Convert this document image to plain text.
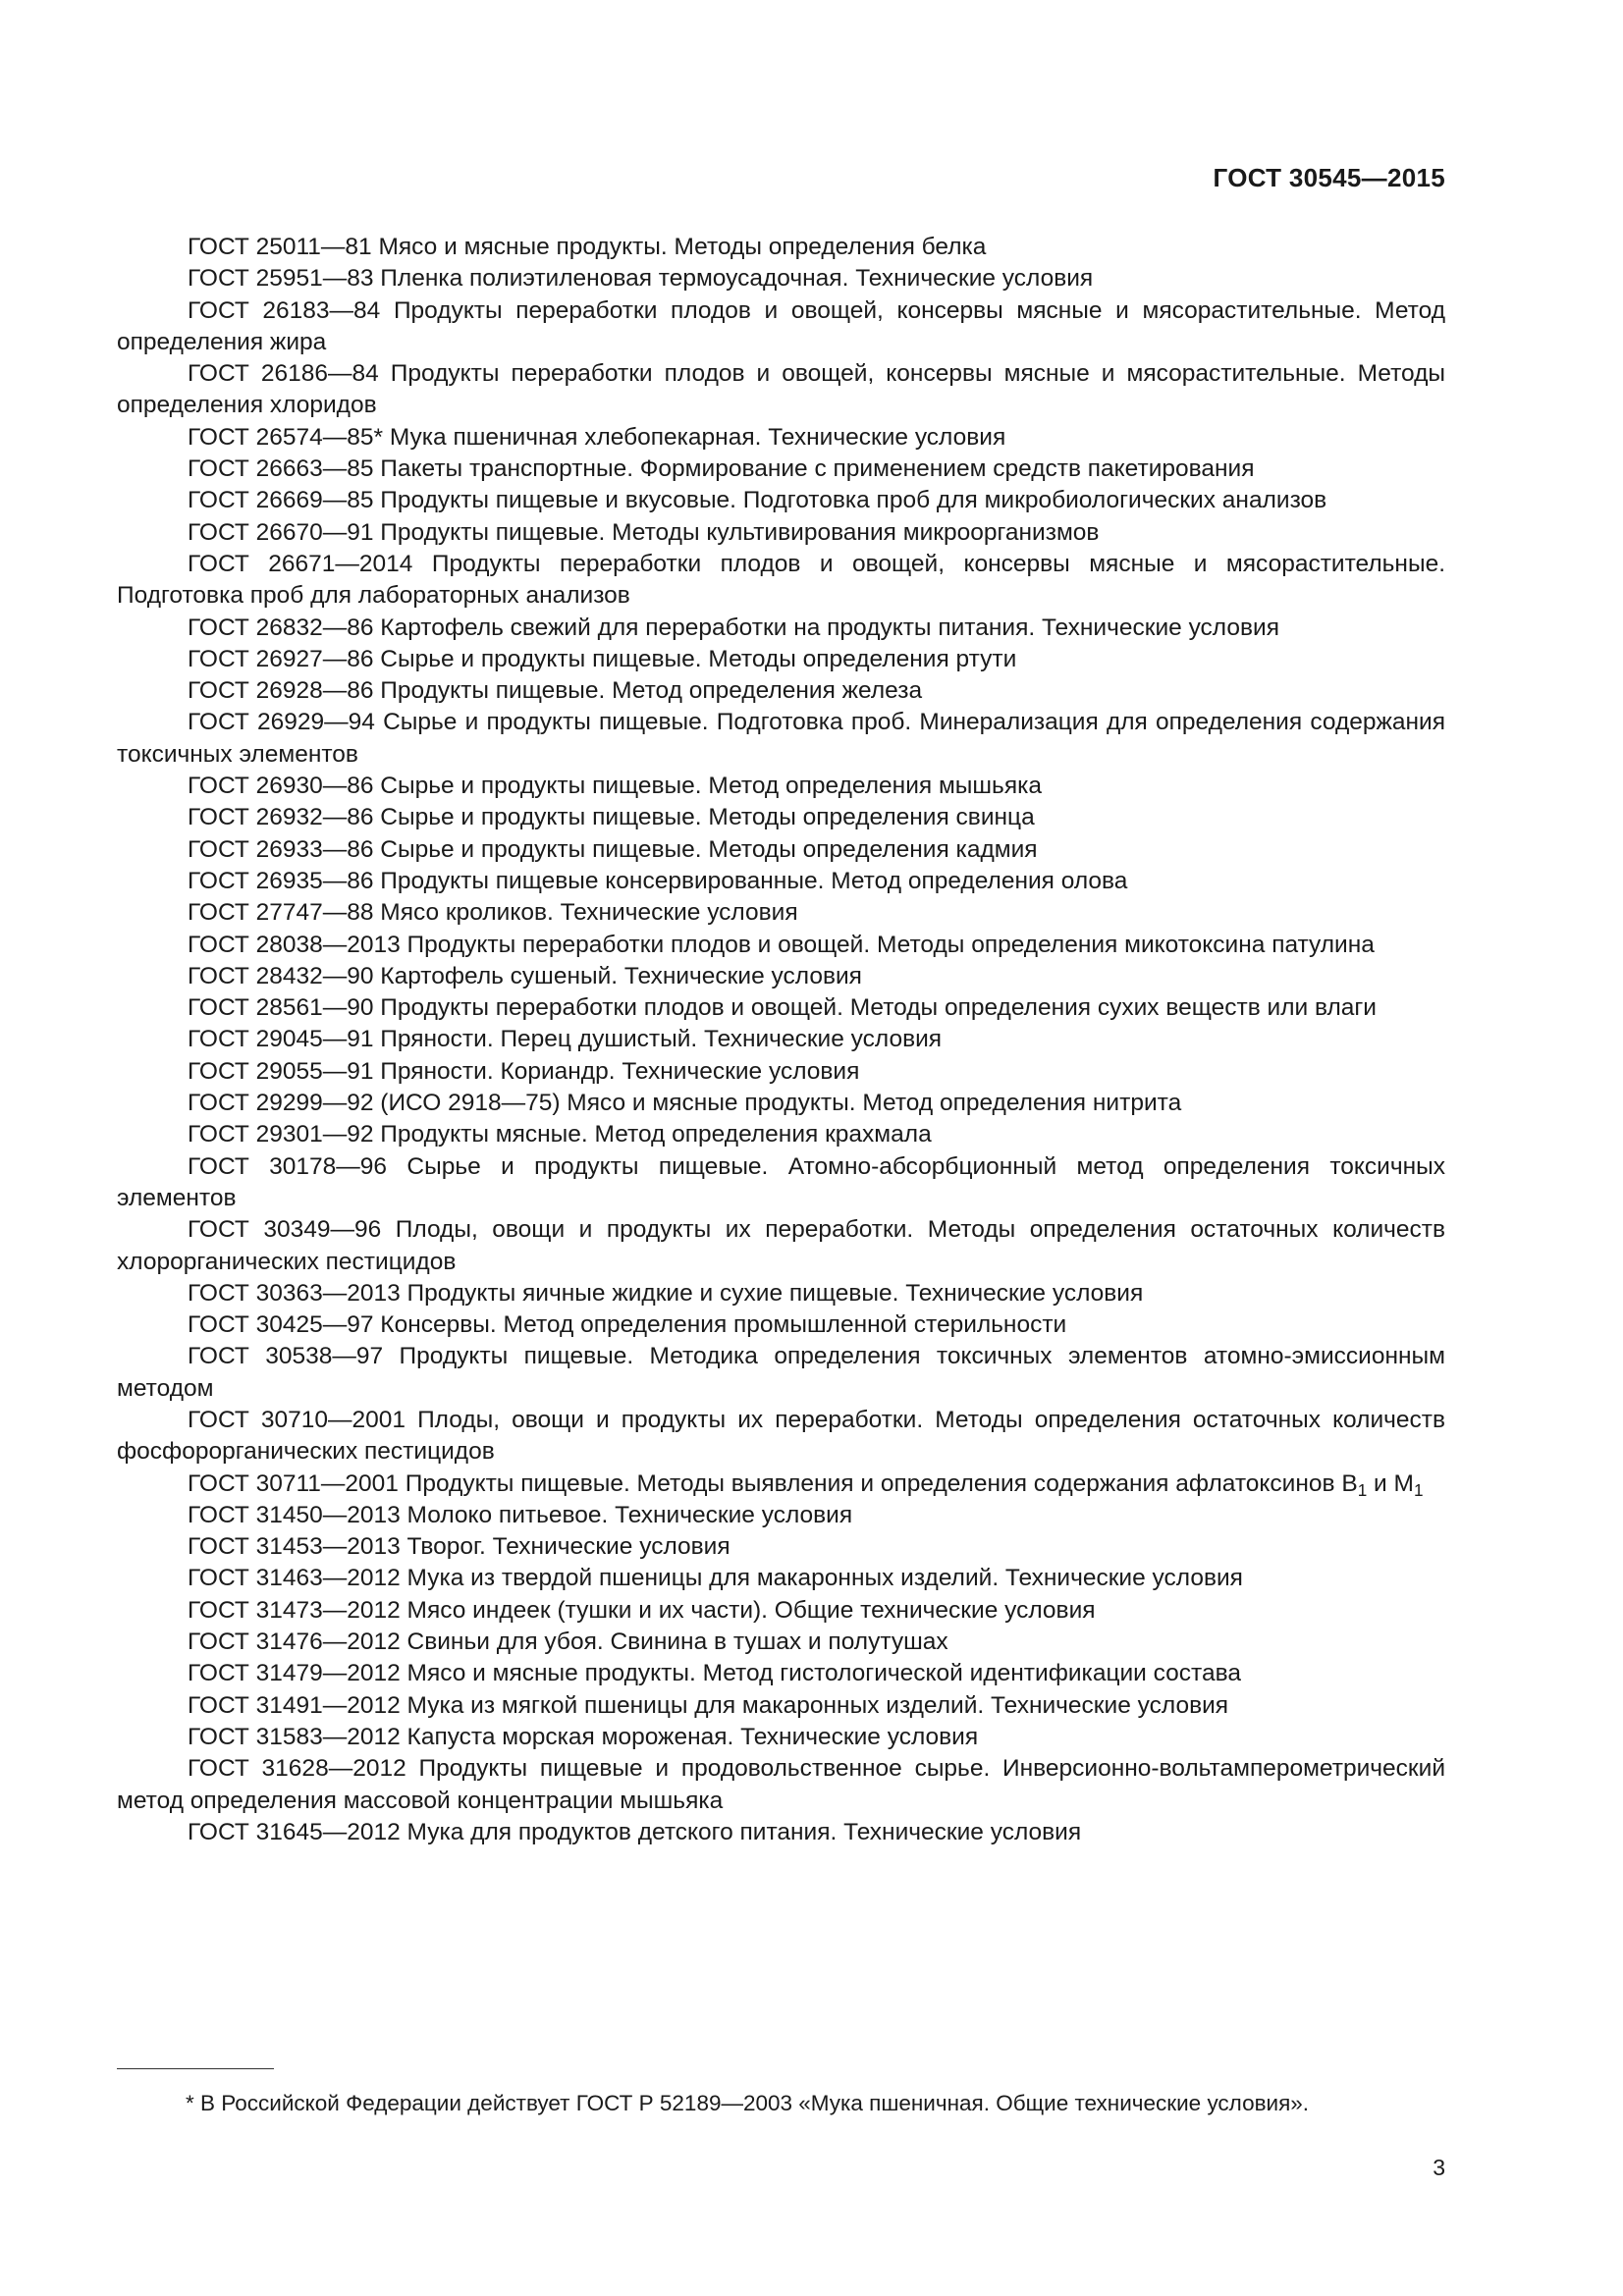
ГОСТ 30545—2015

ГОСТ 25011—81 Мясо и мясные продукты. Методы определения белка

ГОСТ 25951—83 Пленка полиэтиленовая термоусадочная. Технические условия

ГОСТ 26183—84 Продукты переработки плодов и овощей, консервы мясные и мясорастительные. Метод определения жира

ГОСТ 26186—84 Продукты переработки плодов и овощей, консервы мясные и мясорастительные. Методы определения хлоридов

ГОСТ 26574—85* Мука пшеничная хлебопекарная. Технические условия

ГОСТ 26663—85 Пакеты транспортные. Формирование с применением средств пакетирования

ГОСТ 26669—85 Продукты пищевые и вкусовые. Подготовка проб для микробиологических анализов

ГОСТ 26670—91 Продукты пищевые. Методы культивирования микроорганизмов

ГОСТ 26671—2014 Продукты переработки плодов и овощей, консервы мясные и мясорастительные. Подготовка проб для лабораторных анализов

ГОСТ 26832—86 Картофель свежий для переработки на продукты питания. Технические условия

ГОСТ 26927—86 Сырье и продукты пищевые. Методы определения ртути

ГОСТ 26928—86 Продукты пищевые. Метод определения железа

ГОСТ 26929—94 Сырье и продукты пищевые. Подготовка проб. Минерализация для определения содержания токсичных элементов

ГОСТ 26930—86 Сырье и продукты пищевые. Метод определения мышьяка

ГОСТ 26932—86 Сырье и продукты пищевые. Методы определения свинца

ГОСТ 26933—86 Сырье и продукты пищевые. Методы определения кадмия

ГОСТ 26935—86 Продукты пищевые консервированные. Метод определения олова

ГОСТ 27747—88 Мясо кроликов. Технические условия

ГОСТ 28038—2013 Продукты переработки плодов и овощей. Методы определения микотоксина патулина

ГОСТ 28432—90 Картофель сушеный. Технические условия

ГОСТ 28561—90 Продукты переработки плодов и овощей. Методы определения сухих веществ или влаги

ГОСТ 29045—91 Пряности. Перец душистый. Технические условия

ГОСТ 29055—91 Пряности. Кориандр. Технические условия

ГОСТ 29299—92 (ИСО 2918—75) Мясо и мясные продукты. Метод определения нитрита

ГОСТ 29301—92 Продукты мясные. Метод определения крахмала

ГОСТ 30178—96 Сырье и продукты пищевые. Атомно-абсорбционный метод определения токсичных элементов

ГОСТ 30349—96 Плоды, овощи и продукты их переработки. Методы определения остаточных количеств хлорорганических пестицидов

ГОСТ 30363—2013 Продукты яичные жидкие и сухие пищевые. Технические условия

ГОСТ 30425—97 Консервы. Метод определения промышленной стерильности

ГОСТ 30538—97 Продукты пищевые. Методика определения токсичных элементов атомно-эмиссионным методом

ГОСТ 30710—2001 Плоды, овощи и продукты их переработки. Методы определения остаточных количеств фосфорорганических пестицидов

ГОСТ 30711—2001 Продукты пищевые. Методы выявления и определения содержания афлатоксинов $B_1$ и $M_1$

ГОСТ 31450—2013 Молоко питьевое. Технические условия

ГОСТ 31453—2013 Творог. Технические условия

ГОСТ 31463—2012 Мука из твердой пшеницы для макаронных изделий. Технические условия

ГОСТ 31473—2012 Мясо индеек (тушки и их части). Общие технические условия

ГОСТ 31476—2012 Свиньи для убоя. Свинина в тушах и полутушах

ГОСТ 31479—2012 Мясо и мясные продукты. Метод гистологической идентификации состава

ГОСТ 31491—2012 Мука из мягкой пшеницы для макаронных изделий. Технические условия

ГОСТ 31583—2012 Капуста морская мороженая. Технические условия

ГОСТ 31628—2012 Продукты пищевые и продовольственное сырье. Инверсионно-вольтамперометрический метод определения массовой концентрации мышьяка

ГОСТ 31645—2012 Мука для продуктов детского питания. Технические условия

* В Российской Федерации действует ГОСТ Р 52189—2003 «Мука пшеничная. Общие технические условия».
3
